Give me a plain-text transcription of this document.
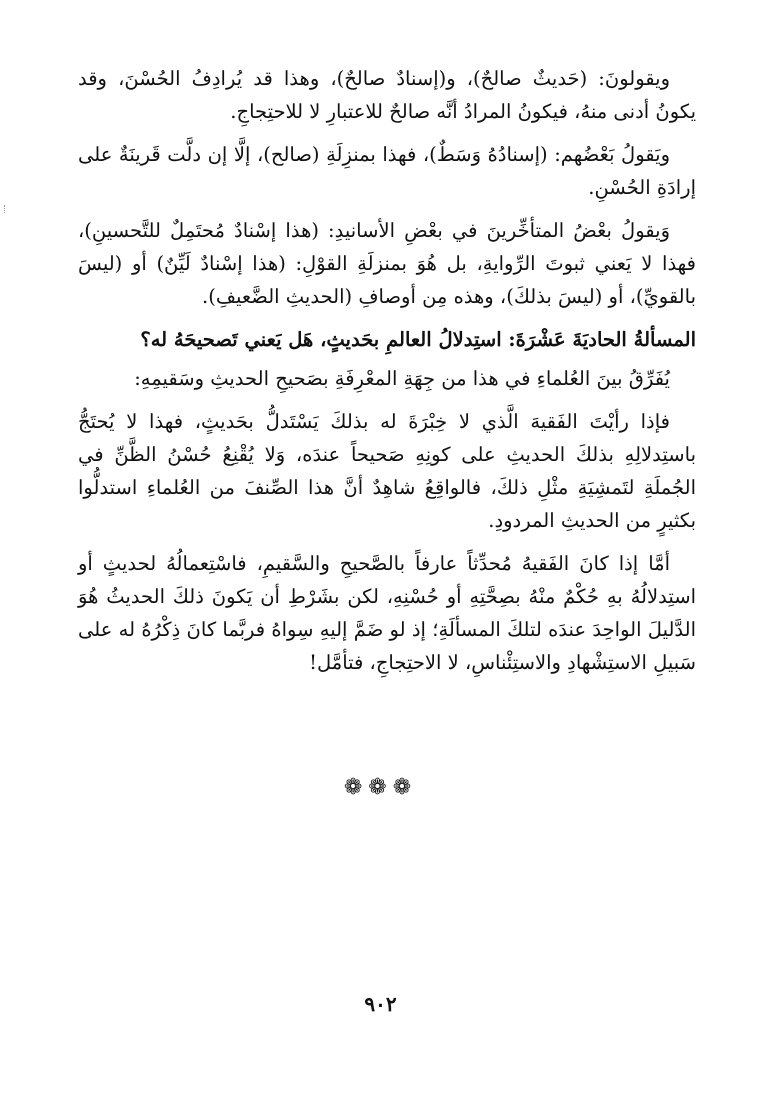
ويقولونَ: (حَديثٌ صالحٌ)، و(إسنادٌ صالحٌ)، وهذا قد يُرادِفُ الحُسْنَ، وقد يكونُ أدنى منهُ، فيكونُ المرادُ أنَّه صالحٌ للاعتبارِ لا للاحتِجاجِ.

ويَقولُ بَعْضُهم: (إسنادُهُ وَسَطٌ)، فهذا بمنزِلَةِ (صالح)، إلَّا إن دلَّت قَرينَةٌ على إرادَةِ الحُسْنِ.

وَيقولُ بعْضُ المتأخِّرينَ في بعْضِ الأسانيدِ: (هذا إسْنادٌ مُحتَمِلٌ للتَّحسينِ)، فهذا لا يَعني ثبوتَ الرِّوايةِ، بل هُوَ بمنزلَةِ القوْلِ: (هذا إسْنادٌ لَيِّنٌ) أو (ليسَ بالقويِّ)، أو (ليسَ بذلكَ)، وهذه مِن أوصافِ (الحديثِ الضَّعيفِ).

المسألةُ الحاديَةَ عَشْرَةَ: استِدلالُ العالمِ بحَديثٍ، هَل يَعني تَصحيحَهُ له؟

يُفَرِّقُ بينَ العُلماءِ في هذا من جِهَةِ المعْرِفَةِ بصَحيحِ الحديثِ وسَقيمِهِ:

فإذا رأيْتَ الفَقيهَ الَّذي لا خِبْرَةَ له بذلكَ يَسْتَدلُّ بحَديثٍ، فهذا لا يُحتَجُّ باستِدلالِهِ بذلكَ الحديثِ على كونِهِ صَحيحاً عندَه، وَلا يُقْنِعُ حُسْنُ الظَّنِّ في الجُملَةِ لتَمشِيَةِ مثْلِ ذلكَ، فالواقِعُ شاهِدٌ أنَّ هذا الصِّنفَ من العُلماءِ استدلُّوا بكثيرٍ من الحديثِ المردودِ.

أمَّا إذا كانَ الفَقيهُ مُحدِّثاً عارفاً بالصَّحيحِ والسَّقيمِ، فاسْتِعمالُهُ لحديثٍ أو استِدلالُهُ بهِ حُكْمٌ منْهُ بصِحَّتِهِ أو حُسْنِهِ، لكن بشَرْطِ أن يَكونَ ذلكَ الحديثُ هُوَ الدَّليلَ الواحِدَ عندَه لتلكَ المسألَةِ؛ إذ لو ضَمَّ إليهِ سِواهُ فربَّما كانَ ذِكْرُهُ له على سَبيلِ الاستِشْهادِ والاستِئْناسِ، لا الاحتِجاجِ، فتأمَّل!

❁❁❁
٩٠٢
